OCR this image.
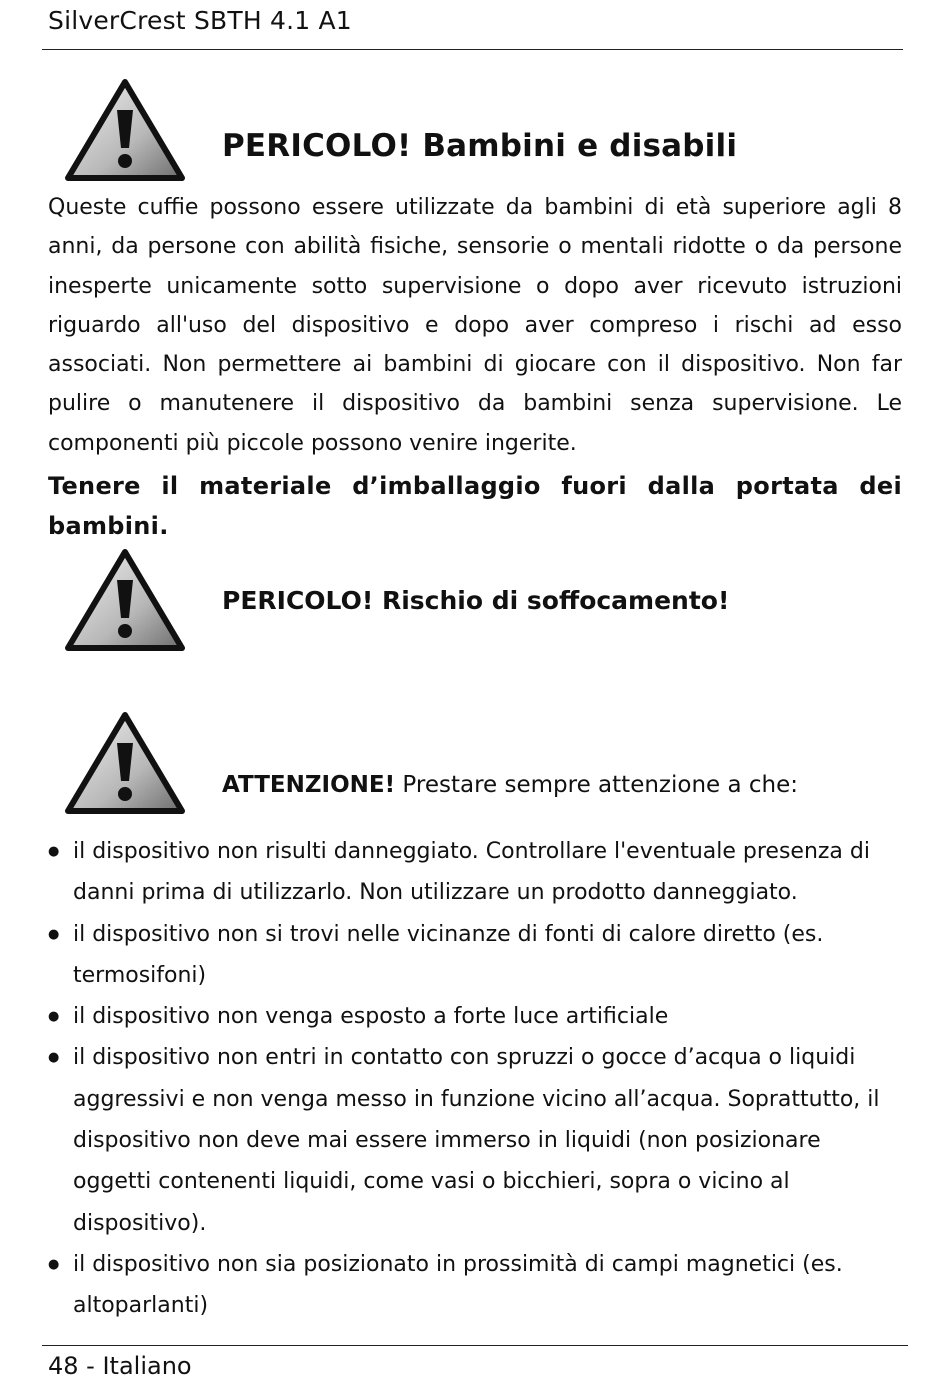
SilverCrest SBTH 4.1 A1
PERICOLO! Bambini e disabili

Queste cuffie possono essere utilizzate da bambini di età superiore agli 8 anni, da persone con abilità fisiche, sensorie o mentali ridotte o da persone inesperte unicamente sotto supervisione o dopo aver ricevuto istruzioni riguardo all'uso del dispositivo e dopo aver compreso i rischi ad esso associati. Non permettere ai bambini di giocare con il dispositivo. Non far pulire o manutenere il dispositivo da bambini senza supervisione. Le componenti più piccole possono venire ingerite.

Tenere il materiale d’imballaggio fuori dalla portata dei bambini.

PERICOLO! Rischio di soffocamento!
ATTENZIONE! Prestare sempre attenzione a che:
● il dispositivo non risulti danneggiato. Controllare l'eventuale presenza di danni prima di utilizzarlo. Non utilizzare un prodotto danneggiato.
● il dispositivo non si trovi nelle vicinanze di fonti di calore diretto (es. termosifoni)
● il dispositivo non venga esposto a forte luce artificiale
● il dispositivo non entri in contatto con spruzzi o gocce d’acqua o liquidi aggressivi e non venga messo in funzione vicino all’acqua. Soprattutto, il dispositivo non deve mai essere immerso in liquidi (non posizionare oggetti contenenti liquidi, come vasi o bicchieri, sopra o vicino al dispositivo).
● il dispositivo non sia posizionato in prossimità di campi magnetici (es. altoparlanti)
48 - Italiano
